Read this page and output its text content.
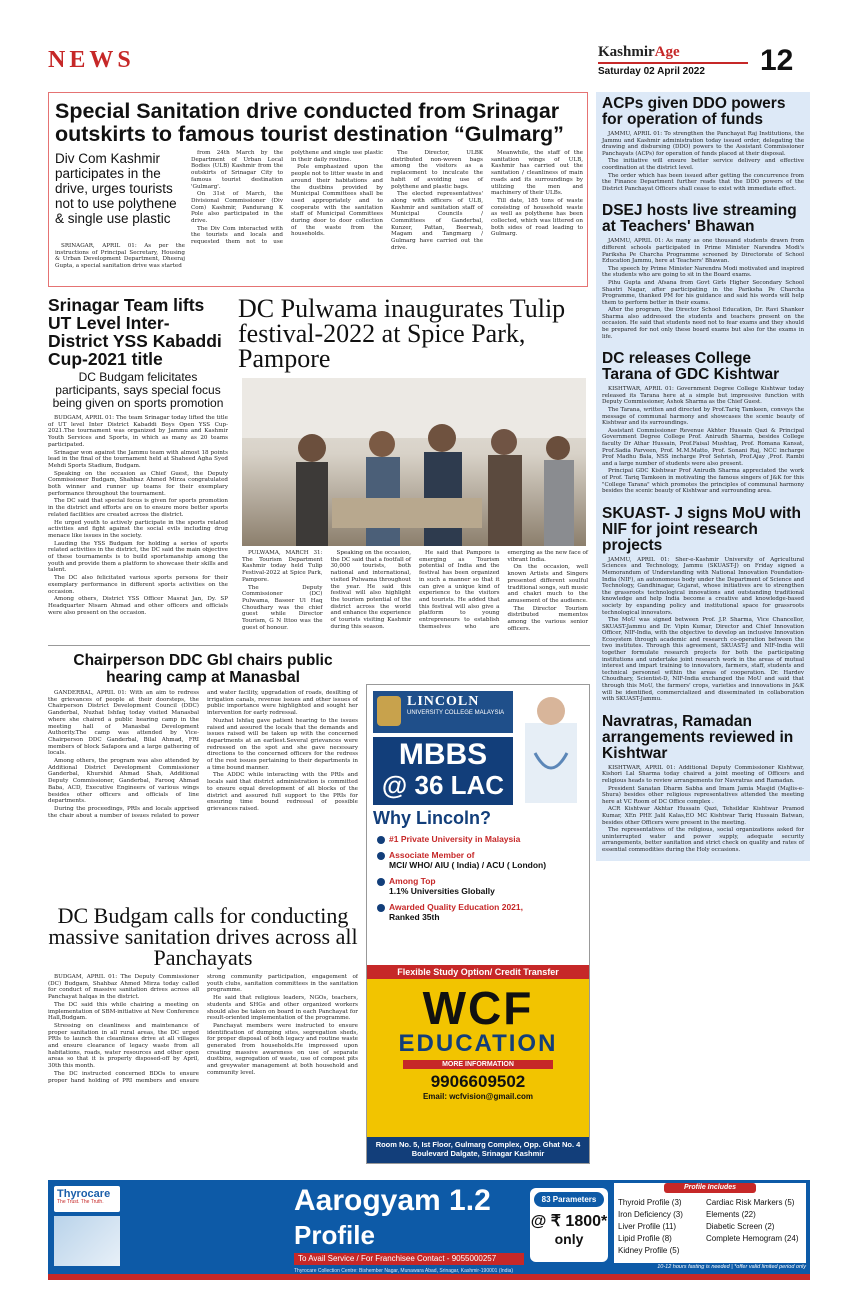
NEWS	KashmirAge
Saturday 02 April 2022	12
Special Sanitation drive conducted from Srinagar outskirts to famous tourist destination “Gulmarg”
Div Com Kashmir participates in the drive, urges tourists not to use polythene & single use plastic

SRINAGAR, APRIL 01: As per the instructions of Principal Secretary, Housing & Urban Development Department, Dheeraj Gupta, a special sanitation drive was started

from 24th March by the Department of Urban Local Bodies (ULB) Kashmir from the outskirts of Srinagar City to famous tourist destination 'Gulmarg'.

On 31st of March, the Divisional Commissioner (Div Com) Kashmir, Pandurang K Pole also participated in the drive.

The Div Com interacted with the tourists and locals and requested them not to use polythene and single use plastic in their daily routine.

Pole emphasized upon the people not to litter waste in and around their habitations and the dustbins provided by Municipal Committees shall be used appropriately and to cooperate with the sanitation staff of Municipal Committees during door to door collection of the waste from the households.

The Director, ULBK distributed non-woven bags among the visitors as a replacement to inculcate the habit of avoiding use of polythene and plastic bags.

The elected representatives' along with officers of ULB, Kashmir and sanitation staff of Municipal Councils / Committees of Ganderbal, Kunzer, Pattan, Beerwah, Magam and Tangmarg / Gulmarg have carried out the drive.

Meanwhile, the staff of the sanitation wings of ULB, Kashmir has carried out the sanitation / cleanliness of main roads and its surroundings by utilizing the men and machinery of their ULBs.

Till date, 185 tons of waste consisting of household waste as well as polythene has been collected, which was littered on both sides of road leading to Gulmarg.

Srinagar Team lifts UT Level Inter-District YSS Kabaddi Cup-2021 title
DC Budgam felicitates participants, says special focus being given on sports promotion

BUDGAM, APRIL 01: The team Srinagar today lifted the title of UT level Inter District Kabaddi Boys Open YSS Cup- 2021.The tournament was organized by Jammu and Kashmir Youth Services and Sports, in which as many as 20 teams participated.

Srinagar won against the Jammu team with almost 18 points lead in the final of the tournament held at Shaheed Agha Syed Mehdi Sports Stadium, Budgam.

Speaking on the occasion as Chief Guest, the Deputy Commissioner Budgam, Shahbaz Ahmed Mirza congratulated both winner and runner up teams for their exemplary performance throughout the tournament.

The DC said that special focus is given for sports promotion in the district and efforts are on to ensure more better sports related facilities are created across the district.

He urged youth to actively participate in the sports related activities and fight against the social evils including drug menace like issues in the society.

Lauding the YSS Budgam for holding a series of sports related activities in the district, the DC said the main objective of these tournaments is to build sportsmanship among the youth and provide them a platform to showcase their skills and talent.

The DC also felicitated various sports persons for their exemplary performance in different sports activities on the occasion.

Among others, District YSS Officer Masrat Jan, Dy. SP Headquarter Nisarn Ahmad and other officers and officials were also present on the occasion.

DC Pulwama inaugurates Tulip festival-2022 at Spice Park, Pampore

PULWAMA, MARCH 31: The Tourism Department Kashmir today held Tulip Festival-2022 at Spice Park, Pampore.

The Deputy Commissioner (DC) Pulwama, Baseer Ul Haq Choudhary was the chief guest while Director Tourism, G N Ittoo was the guest of honour.

Speaking on the occasion, the DC said that a footfall of 30,000 tourists, both national and international, visited Pulwama throughout the year. He said this festival will also highlight the tourism potential of the district across the world and enhance the experience of tourists visiting Kashmir during this season.

He said that Pampore is emerging as Tourism potential of India and the festival has been organized in such a manner so that it can give a unique kind of experience to the visitors and tourists. He added that this festival will also give a platform to young entrepreneurs to establish themselves who are emerging as the new face of vibrant India.

On the occasion, well known Artists and Singers presented different soulful traditional songs, sufi music and chakri much to the amusement of the audience.

The Director Tourism distributed mementos among the various senior officers.

Chairperson DDC Gbl chairs public hearing camp at Manasbal

GANDERBAL, APRIL 01: With an aim to redress the grievances of people at their doorsteps, the Chairperson District Development Council (DDC) Ganderbal, Nuzhat Ishfaq today visited Manasbal where she chaired a public hearing camp in the meeting hall of Manasbal Development Authority.The camp was attended by Vice-Chairperson DDC Ganderbal, Bilal Ahmad, FRI members of block Safapora and a large gathering of locals.

Among others, the program was also attended by Additional District Development Commissioner Ganderbal, Khurshid Ahmad Shah, Additional Deputy Commissioner, Ganderbal, Farooq Ahmad Baba, ACD, Executive Engineers of various wings besides other officers and officials of line departments.

During the proceedings, PRIs and locals apprised the chair about a number of issues related to power and water facility, upgradation of roads, desilting of irrigation canals, revenue issues and other issues of public importance were highlighted and sought her intervention for early redressal.

Nuzhat Ishfaq gave patient hearing to the issues raised and assured the locals that the demands and issues raised will be taken up with the concerned departments at an earliest.Several grievances were redressed on the spot and she gave necessary directions to the concerned officers for the redress of the rest issues pertaining to their departments in a time bound manner.

The ADDC while interacting with the PRIs and locals said that district administration is committed to ensure equal development of all blocks of the district and assured full support to the PRIs for ensuring time bound redressal of possible grievances raised.

DC Budgam calls for conducting massive sanitation drives across all Panchayats

BUDGAM, APRIL 01: The Deputy Commissioner (DC) Budgam, Shahbaz Ahmed Mirza today called for conduct of massive sanitation drives across all Panchayat halqas in the district.

The DC said this while chairing a meeting on implementation of SBM-initiative at New Conference Hall,Budgam.

Stressing on cleanliness and maintenance of proper sanitation in all rural areas, the DC urged PRIs to launch the cleanliness drive at all villages and ensure clearance of legacy waste from all habitations, roads, water resources and other open areas so that it is properly disposed-off by April, 30th this month.

The DC instructed concerned BDOs to ensure proper hand holding of PRI members and ensure strong community participation, engagement of youth clubs, sanitation committees in the sanitation programme.

He said that religious leaders, NGOs, teachers, students and SHGs and other organized workers should also be taken on board in each Panchayat for result-oriented implementation of the programme.

Panchayat members were instructed to ensure identification of dumping sites, segregation sheds, for proper disposal of both legacy and routine waste generated from households.He impressed upon creating massive awareness on use of separate dustbins, segregation of waste, use of compost pits and greywater management at both household and community level.

LINCOLN
UNIVERSITY COLLEGE MALAYSIA
MBBS
@ 36 LAC
Why Lincoln?
#1 Private University in Malaysia
Associate Member of
MCI/ WHO/ AIU ( India) / ACU ( London)
Among Top
1.1% Universities Globally
Awarded Quality Education 2021,
Ranked 35th
Flexible Study Option/ Credit Transfer
WCF
EDUCATION
MORE INFORMATION
9906609502
Email: wcfvision@gmail.com
Room No. 5, Ist Floor, Gulmarg Complex, Opp. Ghat No. 4
Boulevard Dalgate, Srinagar Kashmir
ACPs given DDO powers for operation of funds

JAMMU, APRIL 01: To strengthen the Panchayat Raj Institutions, the Jammu and Kashmir administration today issued order, delegating the drawing and disbursing (DDO) powers to the Assistant Commissioner Panchayats (ACPs) for operation of funds placed at their disposal.

The initiative will ensure better service delivery and effective coordination at the district level.

The order which has been issued after getting the concurrence from the Finance Department further reads that the DDO powers of the District Panchayat Officers shall cease to exist with immediate effect.

DSEJ hosts live streaming at Teachers' Bhawan

JAMMU, APRIL 01: As many as one thousand students drawn from different schools participated in Prime Minister Narendra Modi's Pariksha Pe Charcha Programme screened by Directorate of School Education Jammu, here at Teachers' Bhawan.

The speech by Prime Minister Narendra Modi motivated and inspired the students who are going to sit in the Board exams.

Pihu Gupta and Afsana from Govt Girls Higher Secondary School Shastri Nagar, after participating in the Pariksha Pe Charcha Programme, thanked PM for his guidance and said his words will help them to perform better in their exams.

After the program, the Director School Education, Dr. Ravi Shanker Sharma also addressed the students and teachers present on the occasion. He said that students need not to fear exams and they should be prepared for not only these board exams but also for the exams in life.

DC releases College Tarana of GDC Kishtwar

KISHTWAR, APRIL 01: Government Degree College Kishtwar today released its Tarana here at a simple but impressive function with Deputy Commissioner, Ashok Sharma as the Chief Guest.

The Tarana, written and directed by Prof.Tariq Tamkeen, conveys the message of communal harmony and showcases the scenic beauty of Kishtwar and its surroundings.

Assistant Commissioner Revenue Akhter Hussain Qazi & Principal Government Degree College Prof. Anirudh Sharma, besides College faculty Dr Athar Hussain, Prof.Faisal Mushtaq, Prof. Romana Kansat, Prof.Sadia Parveen, Prof. M.M.Matto, Prof. Sonani Raj, NCC incharge Prof Madhu Bala, NSS incharge Prof Sehrish, Prof.Ajay ,Prof. Rambi and a large number of students were also present.

Principal GDC Kishtwar Prof Anirudh Sharma appreciated the work of Prof. Tariq Tamkeen in motivating the famous singers of J&K for this "College Tarana" which promotes the principles of communal harmony besides the scenic beauty of Kishtwar and surrounding area.

SKUAST- J signs MoU with NIF for joint research projects

JAMMU, APRIL 01: Sher-e-Kashmir University of Agricultural Sciences and Technology, Jammu (SKUAST-J) on Friday signed a Memorandum of Understanding with National Innovation Foundation-India (NIF), an autonomous body under the Department of Science and Technology, Gandhinagar, Gujarat, whose initiatives are to strengthen the grassroots technological innovations and outstanding traditional knowledge and help India become a creative and knowledge-based society by expanding policy and institutional space for grassroots technological innovators.

The MoU was signed between Prof. J.P. Sharma, Vice Chancellor, SKUAST-Jammu and Dr. Vipin Kumar, Director and Chief Innovation Officer, NIF-India, with the objective to develop an inclusive Innovation Ecosystem through academic and research co-operation between the two institutes. Through this agreement, SKUAST-J and NIF-India will together formulate research projects for both the participating institutions and undertake joint research work in the areas of mutual interest and impart training to innovators, farmers, staff, students and technical personnel within the areas of cooperation. Dr. Hardev Choudhary, Scientist-D, NIF-India exchanged the MoU and said that through this MoU, the farmers' crops, varieties and innovations in J&K will be identified, commercialized and disseminated in collaboration with SKUAST-Jammu.

Navratras, Ramadan arrangements reviewed in Kishtwar

KISHTWAR, APRIL 01: Additional Deputy Commissioner Kishtwar, Kishori Lal Sharma today chaired a joint meeting of Officers and religious heads to review arrangements for Navratras and Ramadan.

President Sanatan Dharm Sabha and Imam Jamia Masjid (Majlis-e-Shura) besides other religious representatives attended the meeting here at VC Room of DC Office complex .

ACR Kishtwar Akhtar Hussain Qazi, Tehsildar Kishtwar Pramod Kumar, XEn PHE Jalil Kalas,EO MC Kishtwar Tariq Hussain Batwan, besides other Officers were present in the meeting.

The representatives of the religious, social organizations asked for uninterrupted water and power supply, adequate security arrangements, better sanitation and strict check on quality and rates of essential commodities during the Holy occasions.

Thyrocare
The Trust. The Truth.	Aarogyam 1.2
Profile
To Avail Service / For Franchisee Contact - 9055000257
Thyrocare Collection Centre: Bishember Nagar, Munawara Abad, Srinagar, Kashmir-190001 (India)
83 Parameters
@ ₹ 1800*
only
Profile Includes
Thyroid Profile (3)
Iron Deficiency (3)
Liver Profile (11)
Lipid Profile (8)
Kidney Profile (5)
Cardiac Risk Markers (5)
Elements (22)
Diabetic Screen (2)
Complete Hemogram (24)
10-12 hours fasting is needed | *offer valid limited period only
